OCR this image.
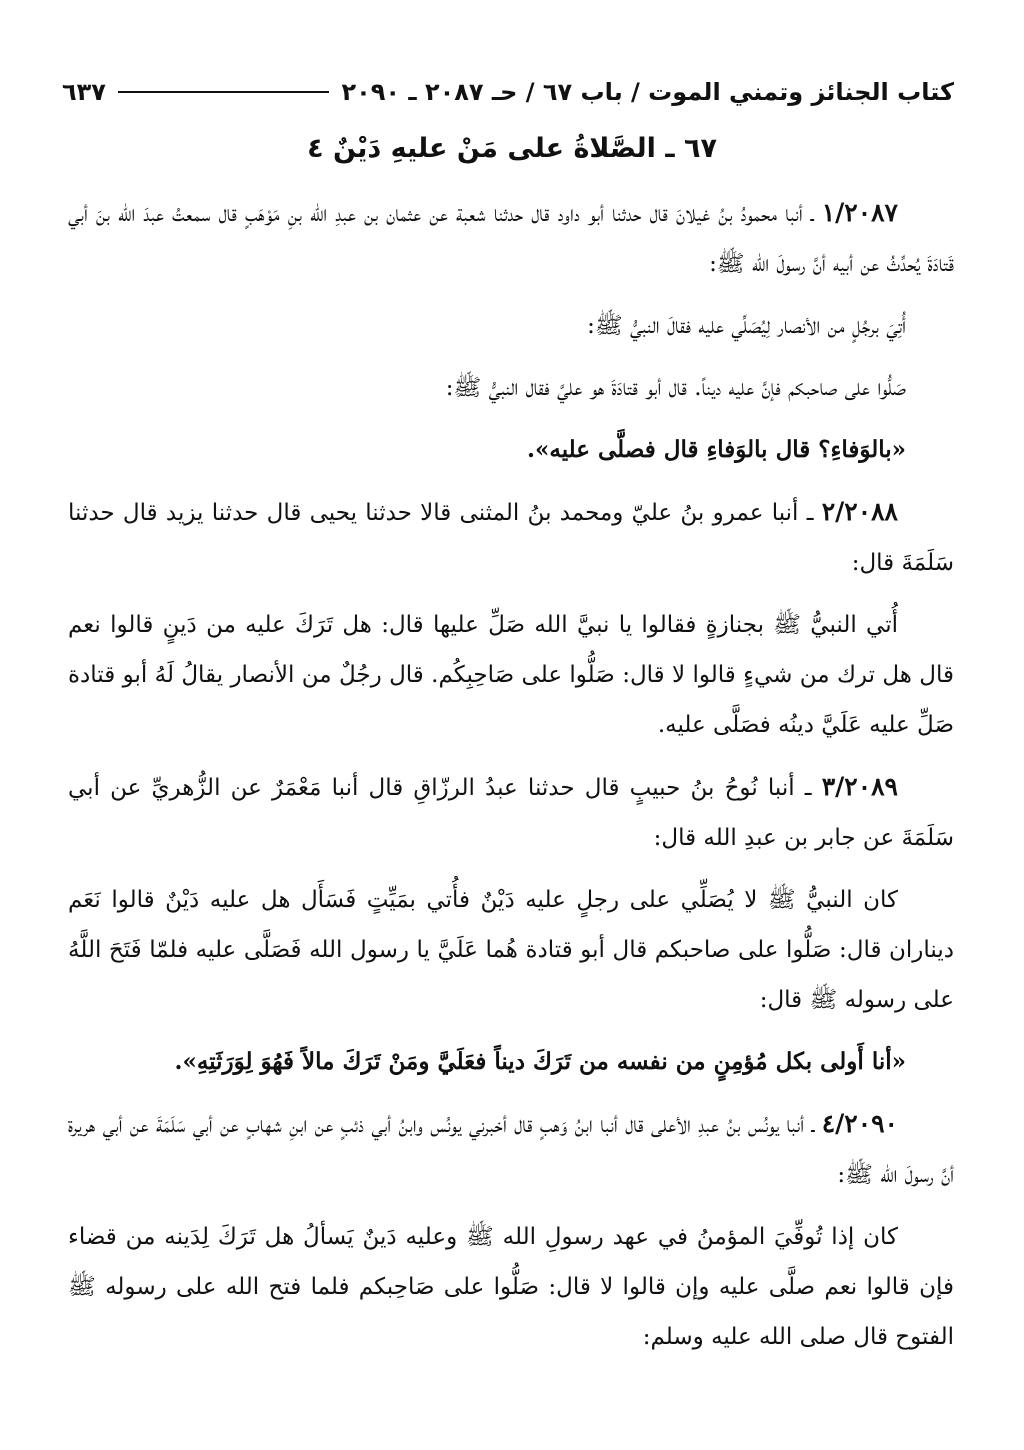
كتاب الجنائز وتمني الموت / باب ٦٧ / حـ ٢٠٨٧ ـ ٢٠٩٠
٦٣٧
٦٧ ـ الصَّلاةُ على مَنْ عليهِ دَيْنٌ ٤

١/٢٠٨٧ ـ أنبا محمودُ بنُ غيلانَ قال حدثنا أبو داود قال حدثنا شعبة عن عثمان بن عبدِ الله بنِ مَوْهَبٍ قال سمعتُ عبدَ الله بنَ أبي قَتادَةَ يُحدِّثُ عن أبيه أنَّ رسولَ الله ﷺ:

أُتِيَ برجُلٍ من الأنصار لِيُصَلِّي عليه فقالَ النبيُّ ﷺ:

صَلُّوا على صاحبكم فإنَّ عليه ديناً. قال أبو قتادَةَ هو عليَّ فقال النبيُّ ﷺ:

«بالوَفاءِ؟ قال بالوَفاءِ قال فصلَّى عليه».

٢/٢٠٨٨ ـ أنبا عمرو بنُ عليّ ومحمد بنُ المثنى قالا حدثنا يحيى قال حدثنا يزيد قال حدثنا سَلَمَةَ قال:

أُتي النبيُّ ﷺ بجنازةٍ فقالوا يا نبيَّ الله صَلِّ عليها قال: هل تَرَكَ عليه من دَينٍ قالوا نعم قال هل ترك من شيءٍ قالوا لا قال: صَلُّوا على صَاحِبِكُم. قال رجُلٌ من الأنصار يقالُ لَهُ أبو قتادة صَلِّ عليه عَلَيَّ دينُه فصَلَّى عليه.

٣/٢٠٨٩ ـ أنبا نُوحُ بنُ حبيبٍ قال حدثنا عبدُ الرزّاقِ قال أنبا مَعْمَرٌ عن الزُّهريِّ عن أبي سَلَمَةَ عن جابر بن عبدِ الله قال:

كان النبيُّ ﷺ لا يُصَلِّي على رجلٍ عليه دَيْنٌ فأُتي بمَيِّتٍ فَسَأَل هل عليه دَيْنٌ قالوا نَعَم ديناران قال: صَلُّوا على صاحبكم قال أبو قتادة هُما عَلَيَّ يا رسول الله فَصَلَّى عليه فلمّا فَتَحَ اللَّهُ على رسوله ﷺ قال:

«أنا أَولى بكل مُؤمِنٍ من نفسه من تَرَكَ ديناً فعَلَيَّ ومَنْ تَرَكَ مالاً فَهُوَ لِوَرَثَتِهِ».

٤/٢٠٩٠ ـ أنبا يونُس بنُ عبدِ الأعلى قال أنبا ابنُ وَهبٍ قال أخبرني يونُس وابنُ أبي ذئبٍ عن ابنِ شهابٍ عن أبي سَلَمَةَ عن أبي هريرة أنَّ رسولَ الله ﷺ:

كان إذا تُوفِّيَ المؤمنُ في عهد رسولِ الله ﷺ وعليه دَينٌ يَسألُ هل تَرَكَ لِدَينه من قضاء فإن قالوا نعم صلَّى عليه وإن قالوا لا قال: صَلُّوا على صَاحِبكم فلما فتح الله على رسوله ﷺ الفتوح قال صلى الله عليه وسلم:
